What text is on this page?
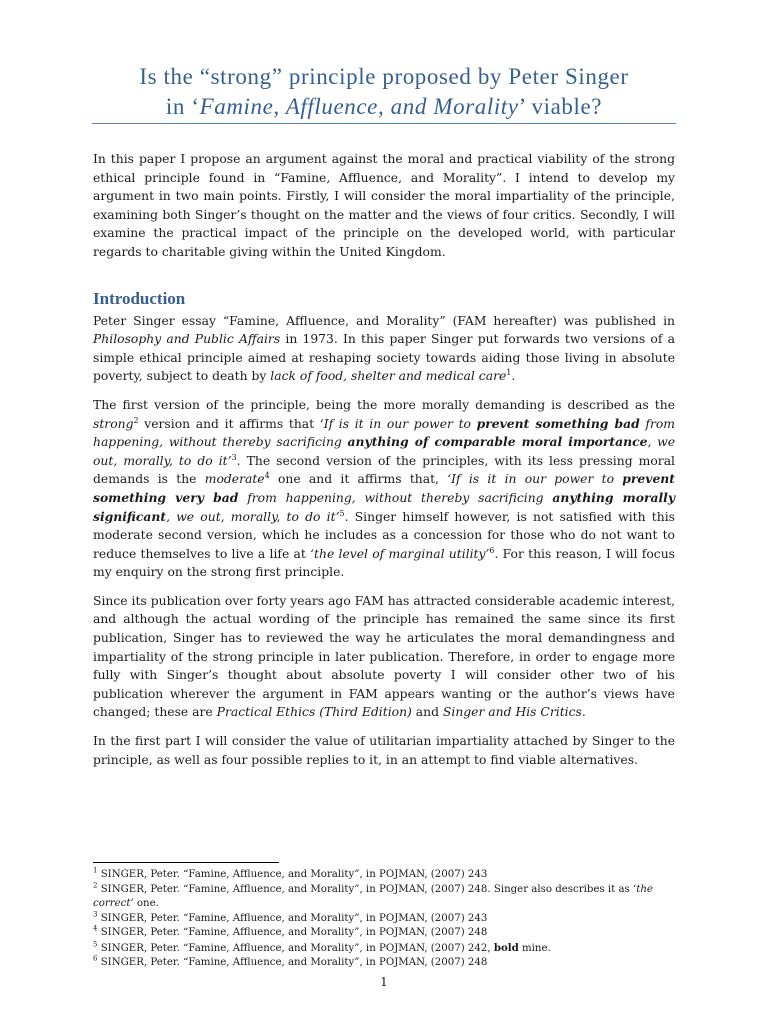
Is the “strong” principle proposed by Peter Singer
in ‘Famine, Affluence, and Morality’ viable?

In this paper I propose an argument against the moral and practical viability of the strong ethical principle found in “Famine, Affluence, and Morality”. I intend to develop my argument in two main points. Firstly, I will consider the moral impartiality of the principle, examining both Singer’s thought on the matter and the views of four critics. Secondly, I will examine the practical impact of the principle on the developed world, with particular regards to charitable giving within the United Kingdom.

Introduction

Peter Singer essay “Famine, Affluence, and Morality” (FAM hereafter) was published in Philosophy and Public Affairs in 1973. In this paper Singer put forwards two versions of a simple ethical principle aimed at reshaping society towards aiding those living in absolute poverty, subject to death by lack of food, shelter and medical care$^1$.

The first version of the principle, being the more morally demanding is described as the strong$^2$ version and it affirms that ‘If is it in our power to prevent something bad from happening, without thereby sacrificing anything of comparable moral importance, we out, morally, to do it’$^3$. The second version of the principles, with its less pressing moral demands is the moderate$^4$ one and it affirms that, ‘If is it in our power to prevent something very bad from happening, without thereby sacrificing anything morally significant, we out, morally, to do it’$^5$. Singer himself however, is not satisfied with this moderate second version, which he includes as a concession for those who do not want to reduce themselves to live a life at ‘the level of marginal utility’$^6$. For this reason, I will focus my enquiry on the strong first principle.

Since its publication over forty years ago FAM has attracted considerable academic interest, and although the actual wording of the principle has remained the same since its first publication, Singer has to reviewed the way he articulates the moral demandingness and impartiality of the strong principle in later publication. Therefore, in order to engage more fully with Singer’s thought about absolute poverty I will consider other two of his publication wherever the argument in FAM appears wanting or the author’s views have changed; these are Practical Ethics (Third Edition) and Singer and His Critics.

In the first part I will consider the value of utilitarian impartiality attached by Singer to the principle, as well as four possible replies to it, in an attempt to find viable alternatives.

$^1$ SINGER, Peter. “Famine, Affluence, and Morality”, in POJMAN, (2007) 243
$^2$ SINGER, Peter. “Famine, Affluence, and Morality”, in POJMAN, (2007) 248. Singer also describes it as ‘the correct’ one.
$^3$ SINGER, Peter. “Famine, Affluence, and Morality”, in POJMAN, (2007) 243
$^4$ SINGER, Peter. “Famine, Affluence, and Morality”, in POJMAN, (2007) 248
$^5$ SINGER, Peter. “Famine, Affluence, and Morality”, in POJMAN, (2007) 242, bold mine.
$^6$ SINGER, Peter. “Famine, Affluence, and Morality”, in POJMAN, (2007) 248
1
